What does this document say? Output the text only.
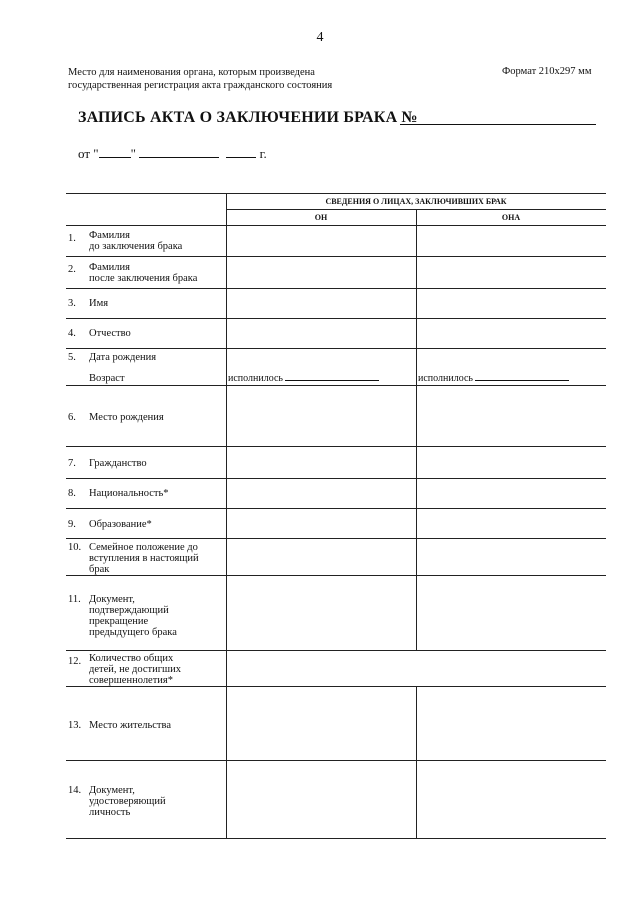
4
Место для наименования органа, которым произведена государственная регистрация акта гражданского состояния
Формат 210x297 мм
ЗАПИСЬ АКТА О ЗАКЛЮЧЕНИИ БРАКА №
от " "	г.
СВЕДЕНИЯ О ЛИЦАХ, ЗАКЛЮЧИВШИХ БРАК
ОН	ОНА
1. Фамилия
до заключения брака
2. Фамилия
после заключения брака
3. Имя
4. Отчество
5. Дата рождения
Возраст	исполнилось	исполнилось
6. Место рождения
7. Гражданство
8. Национальность*
9. Образование*
10. Семейное положение до
вступления в настоящий
брак
11. Документ,
подтверждающий
прекращение
предыдущего брака
12. Количество общих
детей, не достигших
совершеннолетия*
13. Место жительства
14. Документ,
удостоверяющий
личность
